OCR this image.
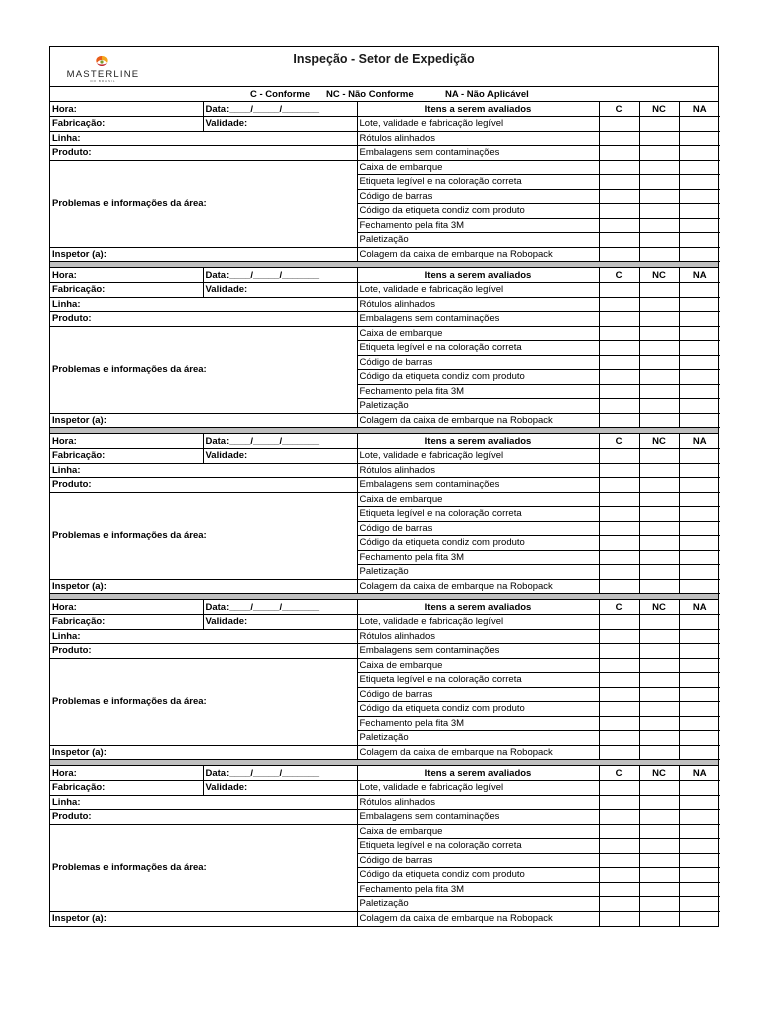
MASTERLINE
DO BRASIL
Inspeção - Setor de Expedição
C - Conforme NC - Não Conforme	NA - Não Aplicável
Hora:	Data:____/_____/_______	Itens a serem avaliados	C	NC	NA
Fabricação:	Validade:	Lote, validade e fabricação legível			
Linha:		Rótulos alinhados			
Produto:		Embalagens sem contaminações			
Problemas e informações da área:		Caixa de embarque			
		Etiqueta legível e na coloração correta			
		Código de barras			
		Código da etiqueta condiz com produto			
		Fechamento pela fita 3M			
		Paletização			
Inspetor (a):		Colagem da caixa de embarque na Robopack			
Hora:	Data:____/_____/_______	Itens a serem avaliados	C	NC	NA
Fabricação:	Validade:	Lote, validade e fabricação legível			
Linha:		Rótulos alinhados			
Produto:		Embalagens sem contaminações			
Problemas e informações da área:		Caixa de embarque			
		Etiqueta legível e na coloração correta			
		Código de barras			
		Código da etiqueta condiz com produto			
		Fechamento pela fita 3M			
		Paletização			
Inspetor (a):		Colagem da caixa de embarque na Robopack			
Hora:	Data:____/_____/_______	Itens a serem avaliados	C	NC	NA
Fabricação:	Validade:	Lote, validade e fabricação legível			
Linha:		Rótulos alinhados			
Produto:		Embalagens sem contaminações			
Problemas e informações da área:		Caixa de embarque			
		Etiqueta legível e na coloração correta			
		Código de barras			
		Código da etiqueta condiz com produto			
		Fechamento pela fita 3M			
		Paletização			
Inspetor (a):		Colagem da caixa de embarque na Robopack			
Hora:	Data:____/_____/_______	Itens a serem avaliados	C	NC	NA
Fabricação:	Validade:	Lote, validade e fabricação legível			
Linha:		Rótulos alinhados			
Produto:		Embalagens sem contaminações			
Problemas e informações da área:		Caixa de embarque			
		Etiqueta legível e na coloração correta			
		Código de barras			
		Código da etiqueta condiz com produto			
		Fechamento pela fita 3M			
		Paletização			
Inspetor (a):		Colagem da caixa de embarque na Robopack			
Hora:	Data:____/_____/_______	Itens a serem avaliados	C	NC	NA
Fabricação:	Validade:	Lote, validade e fabricação legível			
Linha:		Rótulos alinhados			
Produto:		Embalagens sem contaminações			
Problemas e informações da área:		Caixa de embarque			
		Etiqueta legível e na coloração correta			
		Código de barras			
		Código da etiqueta condiz com produto			
		Fechamento pela fita 3M			
		Paletização			
Inspetor (a):		Colagem da caixa de embarque na Robopack			
